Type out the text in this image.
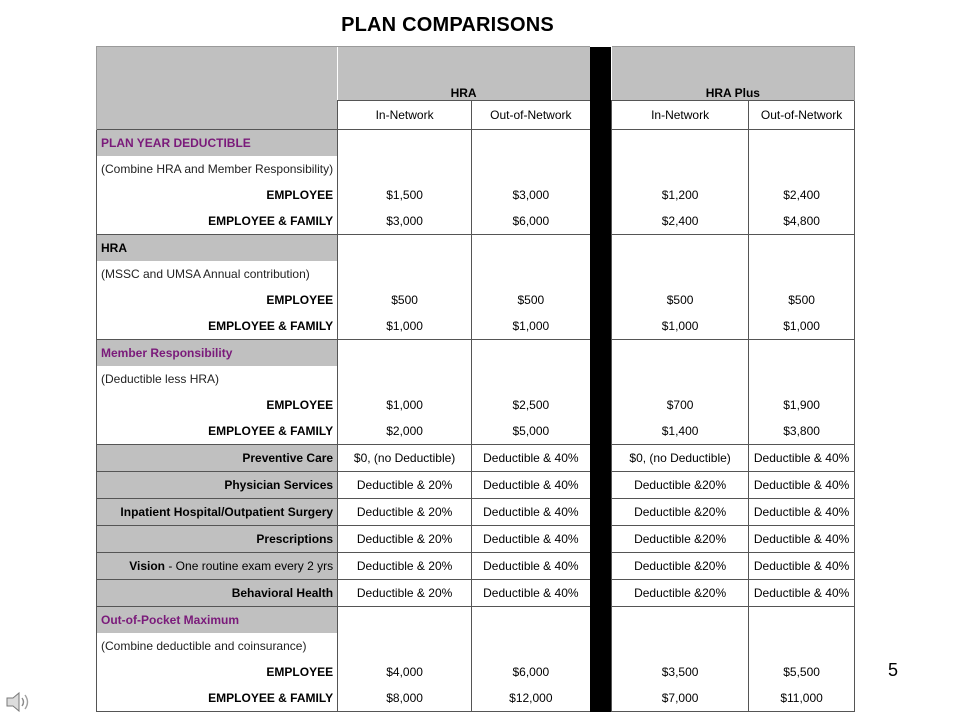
PLAN COMPARISONS
	HRA			HRA Plus	
	In-Network	Out-of-Network		In-Network	Out-of-Network
PLAN YEAR DEDUCTIBLE					
(Combine HRA and Member Responsibility)					
EMPLOYEE	$1,500	$3,000		$1,200	$2,400
EMPLOYEE & FAMILY	$3,000	$6,000		$2,400	$4,800
HRA					
(MSSC and UMSA Annual contribution)					
EMPLOYEE	$500	$500		$500	$500
EMPLOYEE & FAMILY	$1,000	$1,000		$1,000	$1,000
Member Responsibility					
(Deductible less HRA)					
EMPLOYEE	$1,000	$2,500		$700	$1,900
EMPLOYEE & FAMILY	$2,000	$5,000		$1,400	$3,800
Preventive Care	$0, (no Deductible)	Deductible & 40%		$0, (no Deductible)	Deductible & 40%
Physician Services	Deductible & 20%	Deductible & 40%		Deductible &20%	Deductible & 40%
Inpatient Hospital/Outpatient Surgery	Deductible & 20%	Deductible & 40%		Deductible &20%	Deductible & 40%
Prescriptions	Deductible & 20%	Deductible & 40%		Deductible &20%	Deductible & 40%
Vision - One routine exam every 2 yrs	Deductible & 20%	Deductible & 40%		Deductible &20%	Deductible & 40%
Behavioral Health	Deductible & 20%	Deductible & 40%		Deductible &20%	Deductible & 40%
Out-of-Pocket Maximum					
(Combine deductible and coinsurance)					
EMPLOYEE	$4,000	$6,000		$3,500	$5,500
EMPLOYEE & FAMILY	$8,000	$12,000		$7,000	$11,000
5
